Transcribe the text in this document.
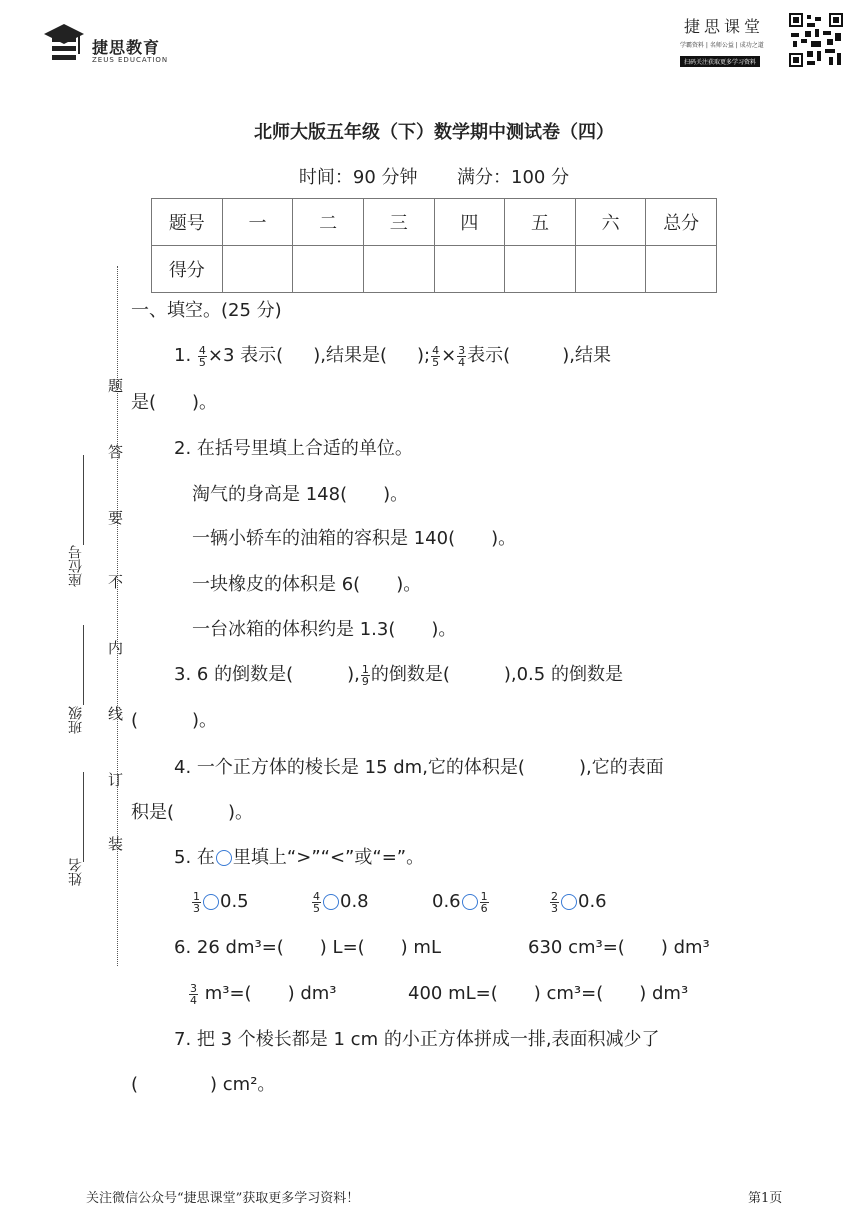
捷思教育
ZEUS EDUCATION
捷思课堂
学霸资料 | 名师公益 | 成功之道
扫码关注获取更多学习资料
北师大版五年级（下）数学期中测试卷（四）
时间：90 分钟 满分：100 分
题号	一	二	三	四	五	六	总分
得分							
题
答
要
不
内
线
订
装
座位号
班级
姓名
一、填空。(25 分)
1. $\frac{4}{5} \times 3$ 表示( ),结果是( ); $\frac{4}{5} \times \frac{3}{4}$ 表示(	),结果
是(　　)。
2. 在括号里填上合适的单位。
淘气的身高是 148(　　)。
一辆小轿车的油箱的容积是 140(　　)。
一块橡皮的体积是 6(　　)。
一台冰箱的体积约是 1.3(　　)。
3. 6 的倒数是(　　　), $\frac{1}{9}$ 的倒数是(　　　),0.5 的倒数是
(　　　)。
4. 一个正方体的棱长是 15 dm,它的体积是(　　　),它的表面
积是(　　　)。
5. 在 里填上“>”“<”或“=”。
$\frac{1}{3} 0.5$	$\frac{4}{5} 0.8$	$0.6 \frac{1}{6}$	$\frac{2}{3} 0.6$
6. 26 dm³=(　　) L=(　　) mL	630 cm³=(　　) dm³
$\frac{3}{4} m^3=$(　　) dm³	400 mL=(　　) cm³=(　　) dm³
7. 把 3 个棱长都是 1 cm 的小正方体拼成一排,表面积减少了
(　　　　) cm²。
关注微信公众号“捷思课堂”获取更多学习资料！	第1页
